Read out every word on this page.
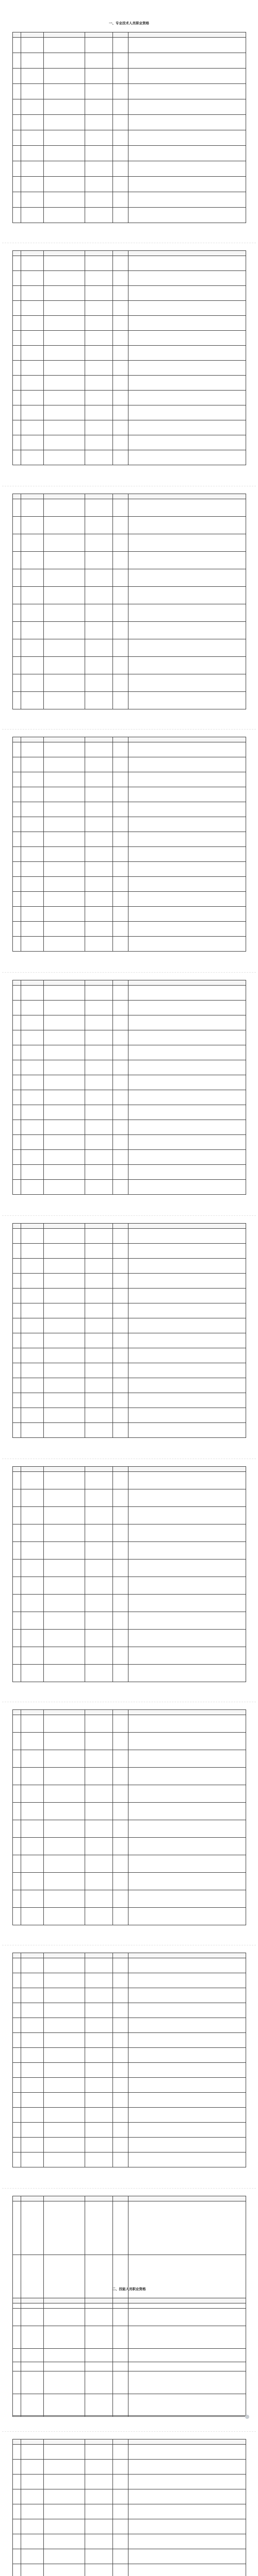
一、专业技术人员职业资格

二、技能人员职业资格
